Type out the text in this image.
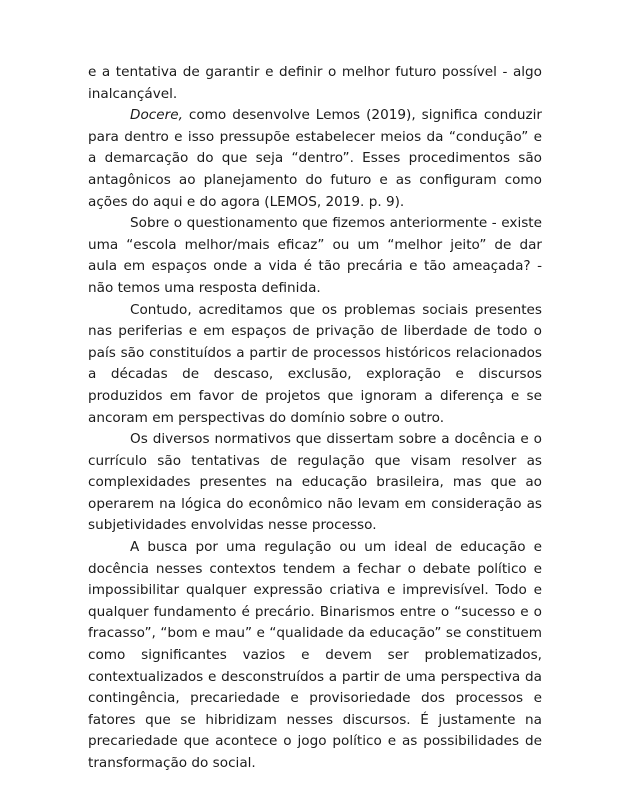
e a tentativa de garantir e definir o melhor futuro possível - algo inalcançável.

Docere, como desenvolve Lemos (2019), significa conduzir para dentro e isso pressupõe estabelecer meios da “condução” e a demarcação do que seja “dentro”. Esses procedimentos são antagônicos ao planejamento do futuro e as configuram como ações do aqui e do agora (LEMOS, 2019. p. 9).

Sobre o questionamento que fizemos anteriormente - existe uma “escola melhor/mais eficaz” ou um “melhor jeito” de dar aula em espaços onde a vida é tão precária e tão ameaçada? - não temos uma resposta definida.

Contudo, acreditamos que os problemas sociais presentes nas periferias e em espaços de privação de liberdade de todo o país são constituídos a partir de processos históricos relacionados a décadas de descaso, exclusão, exploração e discursos produzidos em favor de projetos que ignoram a diferença e se ancoram em perspectivas do domínio sobre o outro.

Os diversos normativos que dissertam sobre a docência e o currículo são tentativas de regulação que visam resolver as complexidades presentes na educação brasileira, mas que ao operarem na lógica do econômico não levam em consideração as subjetividades envolvidas nesse processo.

A busca por uma regulação ou um ideal de educação e docência nesses contextos tendem a fechar o debate político e impossibilitar qualquer expressão criativa e imprevisível. Todo e qualquer fundamento é precário. Binarismos entre o “sucesso e o fracasso”, “bom e mau” e “qualidade da educação” se constituem como significantes vazios e devem ser problematizados, contextualizados e desconstruídos a partir de uma perspectiva da contingência, precariedade e provisoriedade dos processos e fatores que se hibridizam nesses discursos. É justamente na precariedade que acontece o jogo político e as possibilidades de transformação do social.
